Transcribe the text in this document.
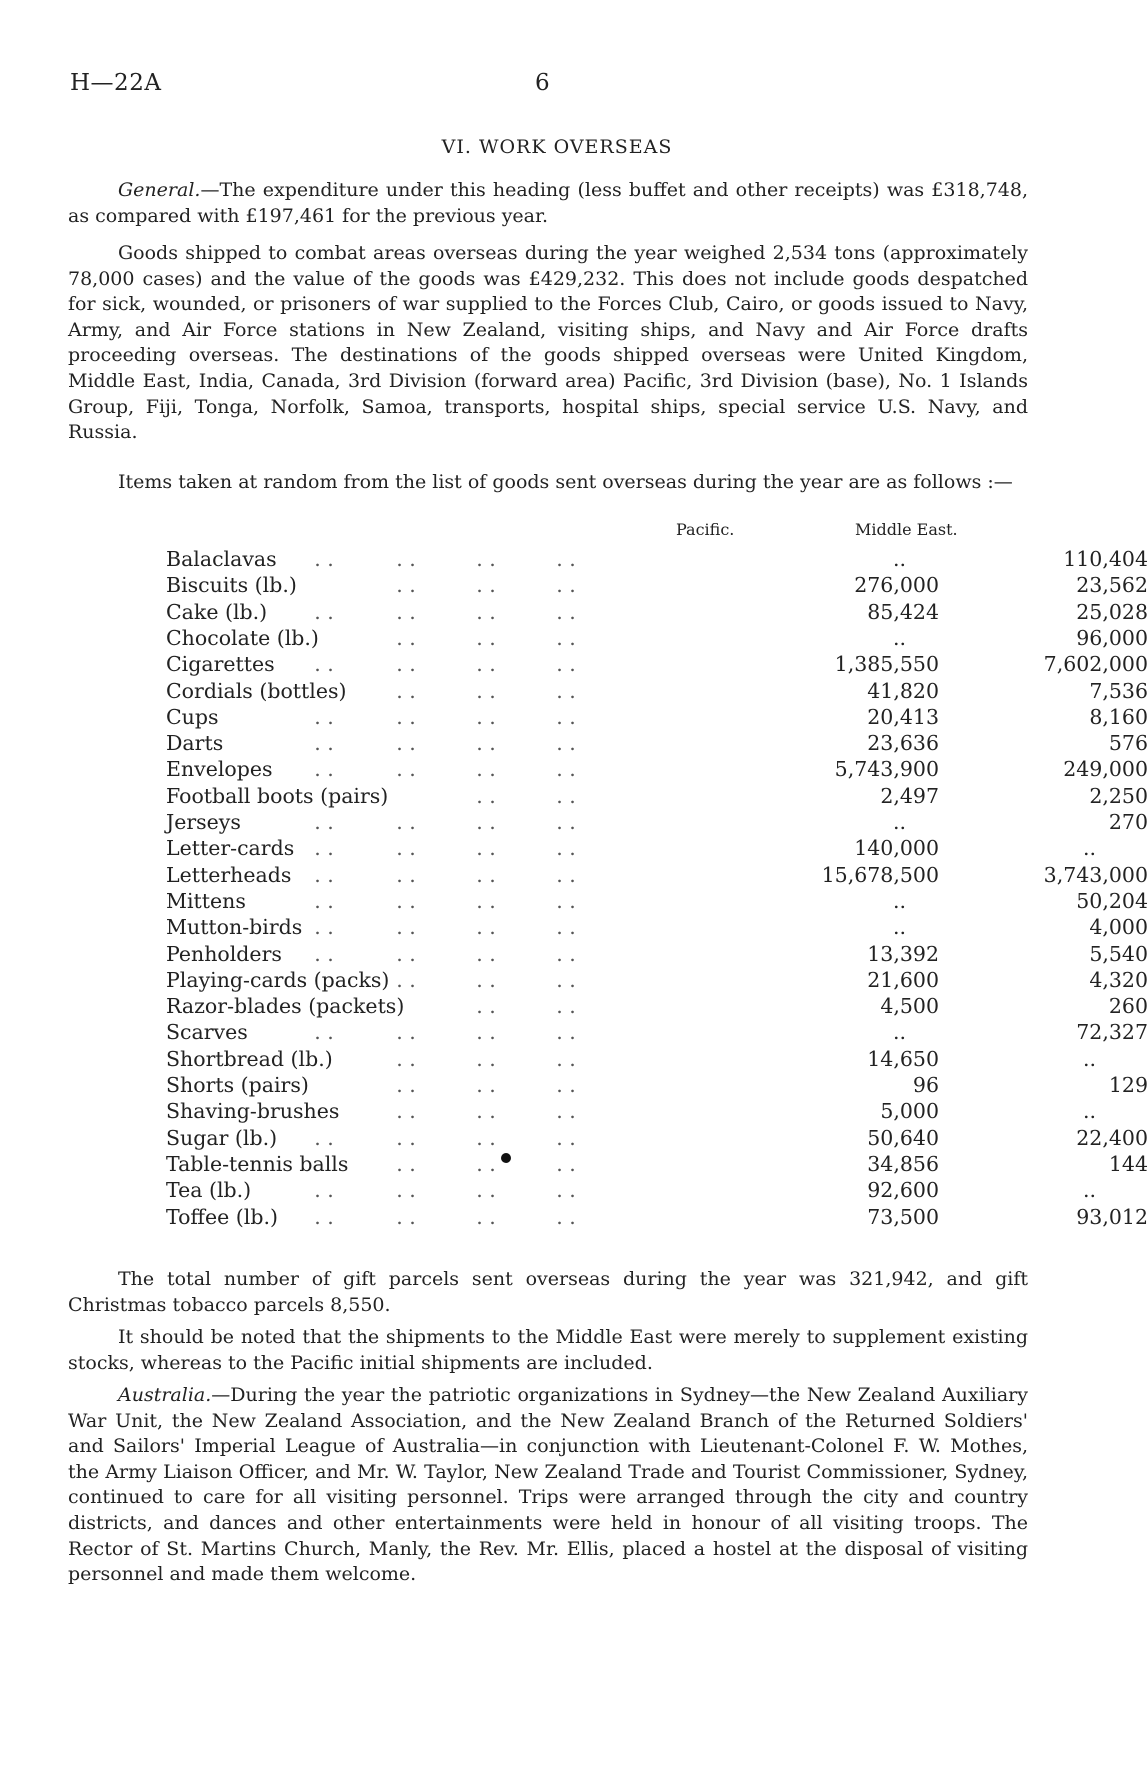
H—22A	6
VI. WORK OVERSEAS

General.—The expenditure under this heading (less buffet and other receipts) was £318,748, as compared with £197,461 for the previous year.

Goods shipped to combat areas overseas during the year weighed 2,534 tons (approximately 78,000 cases) and the value of the goods was £429,232. This does not include goods despatched for sick, wounded, or prisoners of war supplied to the Forces Club, Cairo, or goods issued to Navy, Army, and Air Force stations in New Zealand, visiting ships, and Navy and Air Force drafts proceeding overseas. The destinations of the goods shipped overseas were United Kingdom, Middle East, India, Canada, 3rd Division (forward area) Pacific, 3rd Division (base), No. 1 Islands Group, Fiji, Tonga, Norfolk, Samoa, transports, hospital ships, special service U.S. Navy, and Russia.

Items taken at random from the list of goods sent overseas during the year are as follows :—

Pacific.	Middle East.
Balaclavas . .	. .	. .	. .	..	110,404
Biscuits (lb.)	. .	. .	. .	276,000	23,562
Cake (lb.) . .	. .	. .	. .	85,424	25,028
Chocolate (lb.)	. .	. .	. .	..	96,000
Cigarettes . .	. .	. .	. .	1,385,550	7,602,000
Cordials (bottles) . .	. .	. .	41,820	7,536
Cups	. .	. .	. .	. .	20,413	8,160
Darts	. .	. .	. .	. .	23,636	576
Envelopes . .	. .	. .	. .	5,743,900	249,000
Football boots (pairs)	. .	. .	2,497	2,250
Jerseys	. .	. .	. .	. .	..	270
Letter-cards . .	. .	. .	. .	140,000	..
Letterheads . .	. .	. .	. .	15,678,500	3,743,000
Mittens	. .	. .	. .	. .	..	50,204
Mutton-birds . .	. .	. .	. .	..	4,000
Penholders . .	. .	. .	. .	13,392	5,540
Playing-cards (packs) . .	. .	. .	21,600	4,320
Razor-blades (packets)	. .	. .	4,500	260
Scarves	. .	. .	. .	. .	..	72,327
Shortbread (lb.)	. .	. .	. .	14,650	..
Shorts (pairs)	. .	. .	. .	96	129
Shaving-brushes	. .	. .	. .	5,000	..
Sugar (lb.) . .	. .	. .	. .	50,640	22,400
Table-tennis balls . .	. .	. .	34,856	144
Tea (lb.)	. .	. .	. .	. .	92,600	..
Toffee (lb.) . .	. .	. .	. .	73,500	93,012

The total number of gift parcels sent overseas during the year was 321,942, and gift Christmas tobacco parcels 8,550.

It should be noted that the shipments to the Middle East were merely to supplement existing stocks, whereas to the Pacific initial shipments are included.

Australia.—During the year the patriotic organizations in Sydney—the New Zealand Auxiliary War Unit, the New Zealand Association, and the New Zealand Branch of the Returned Soldiers' and Sailors' Imperial League of Australia—in conjunction with Lieutenant-Colonel F. W. Mothes, the Army Liaison Officer, and Mr. W. Taylor, New Zealand Trade and Tourist Commissioner, Sydney, continued to care for all visiting personnel. Trips were arranged through the city and country districts, and dances and other entertainments were held in honour of all visiting troops. The Rector of St. Martins Church, Manly, the Rev. Mr. Ellis, placed a hostel at the disposal of visiting personnel and made them welcome.
